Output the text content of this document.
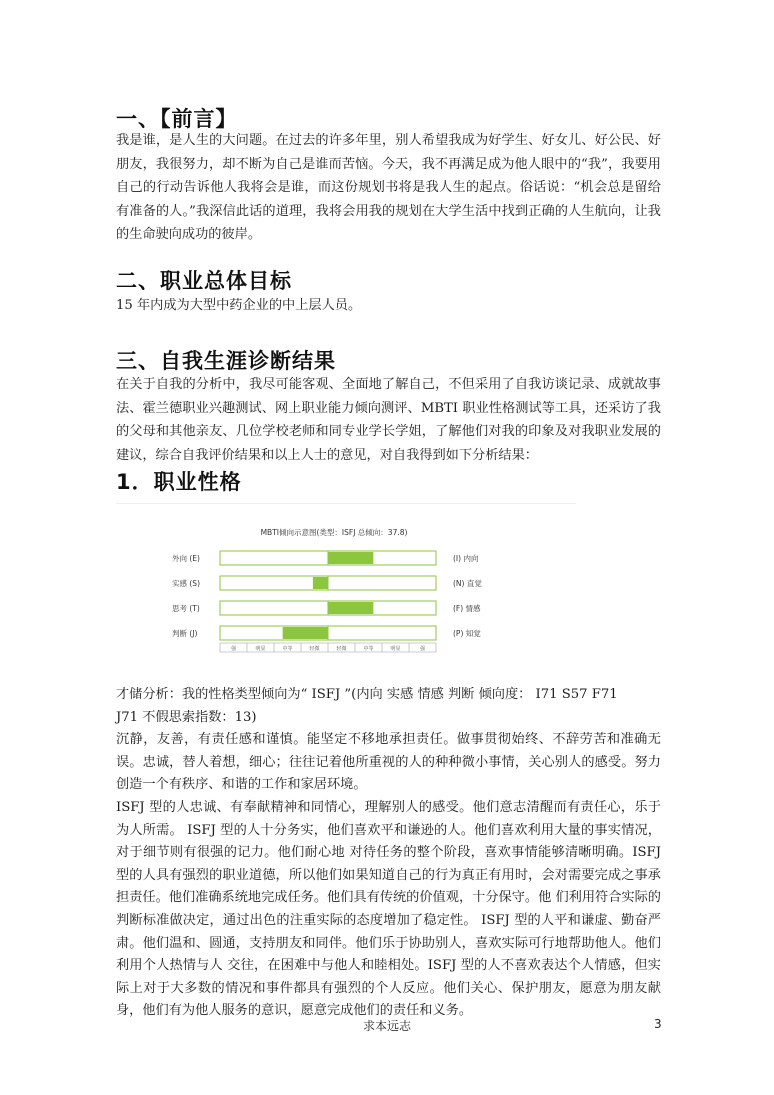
一、【前言】

我是谁，是人生的大问题。在过去的许多年里，别人希望我成为好学生、好女儿、好公民、好朋友，我很努力，却不断为自己是谁而苦恼。今天，我不再满足成为他人眼中的“我”，我要用自己的行动告诉他人我将会是谁，而这份规划书将是我人生的起点。俗话说：“机会总是留给有准备的人。”我深信此话的道理，我将会用我的规划在大学生活中找到正确的人生航向，让我的生命驶向成功的彼岸。

二、职业总体目标

15 年内成为大型中药企业的中上层人员。

三、自我生涯诊断结果

在关于自我的分析中，我尽可能客观、全面地了解自己，不但采用了自我访谈记录、成就故事法、霍兰德职业兴趣测试、网上职业能力倾向测评、MBTI 职业性格测试等工具，还采访了我的父母和其他亲友、几位学校老师和同专业学长学姐，了解他们对我的印象及对我职业发展的建议，综合自我评价结果和以上人士的意见，对自我得到如下分析结果：

1．职业性格
MBTI倾向示意图(类型：ISFJ 总倾向：37.8)
外向 (E)	(I) 内向
实感 (S)	(N) 直觉
思考 (T)	(F) 情感
判断 (J)	(P) 知觉
强	明显	中等	轻微	轻微	中等	明显	强

才储分析：我的性格类型倾向为“ ISFJ ”(内向 实感 情感 判断 倾向度： I71 S57 F71

J71 不假思索指数：13)

沉静，友善，有责任感和谨慎。能坚定不移地承担责任。做事贯彻始终、不辞劳苦和准确无误。忠诚，替人着想，细心；往往记着他所重视的人的种种微小事情，关心别人的感受。努力创造一个有秩序、和谐的工作和家居环境。

ISFJ 型的人忠诚、有奉献精神和同情心，理解别人的感受。他们意志清醒而有责任心，乐于为人所需。 ISFJ 型的人十分务实，他们喜欢平和谦逊的人。他们喜欢利用大量的事实情况，对于细节则有很强的记力。他们耐心地 对待任务的整个阶段，喜欢事情能够清晰明确。ISFJ 型的人具有强烈的职业道德，所以他们如果知道自己的行为真正有用时，会对需要完成之事承担责任。他们准确系统地完成任务。他们具有传统的价值观，十分保守。他 们利用符合实际的判断标准做决定，通过出色的注重实际的态度增加了稳定性。 ISFJ 型的人平和谦虚、勤奋严肃。他们温和、圆通，支持朋友和同伴。他们乐于协助别人，喜欢实际可行地帮助他人。他们利用个人热情与人 交往，在困难中与他人和睦相处。ISFJ 型的人不喜欢表达个人情感，但实际上对于大多数的情况和事件都具有强烈的个人反应。他们关心、保护朋友，愿意为朋友献身，他们有为他人服务的意识，愿意完成他们的责任和义务。

求本远志	3
